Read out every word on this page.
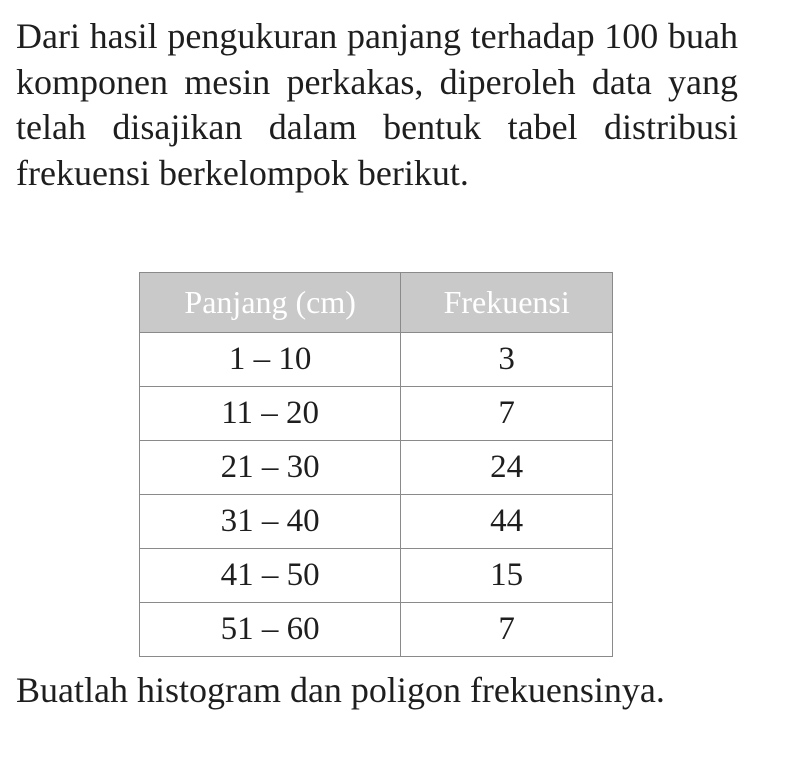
Dari hasil pengukuran panjang terhadap 100 buah komponen mesin perkakas, diperoleh data yang telah disajikan dalam bentuk tabel distribusi frekuensi berkelompok berikut.

Panjang (cm)	Frekuensi
1 – 10	3
11 – 20	7
21 – 30	24
31 – 40	44
41 – 50	15
51 – 60	7

Buatlah histogram dan poligon frekuensinya.
